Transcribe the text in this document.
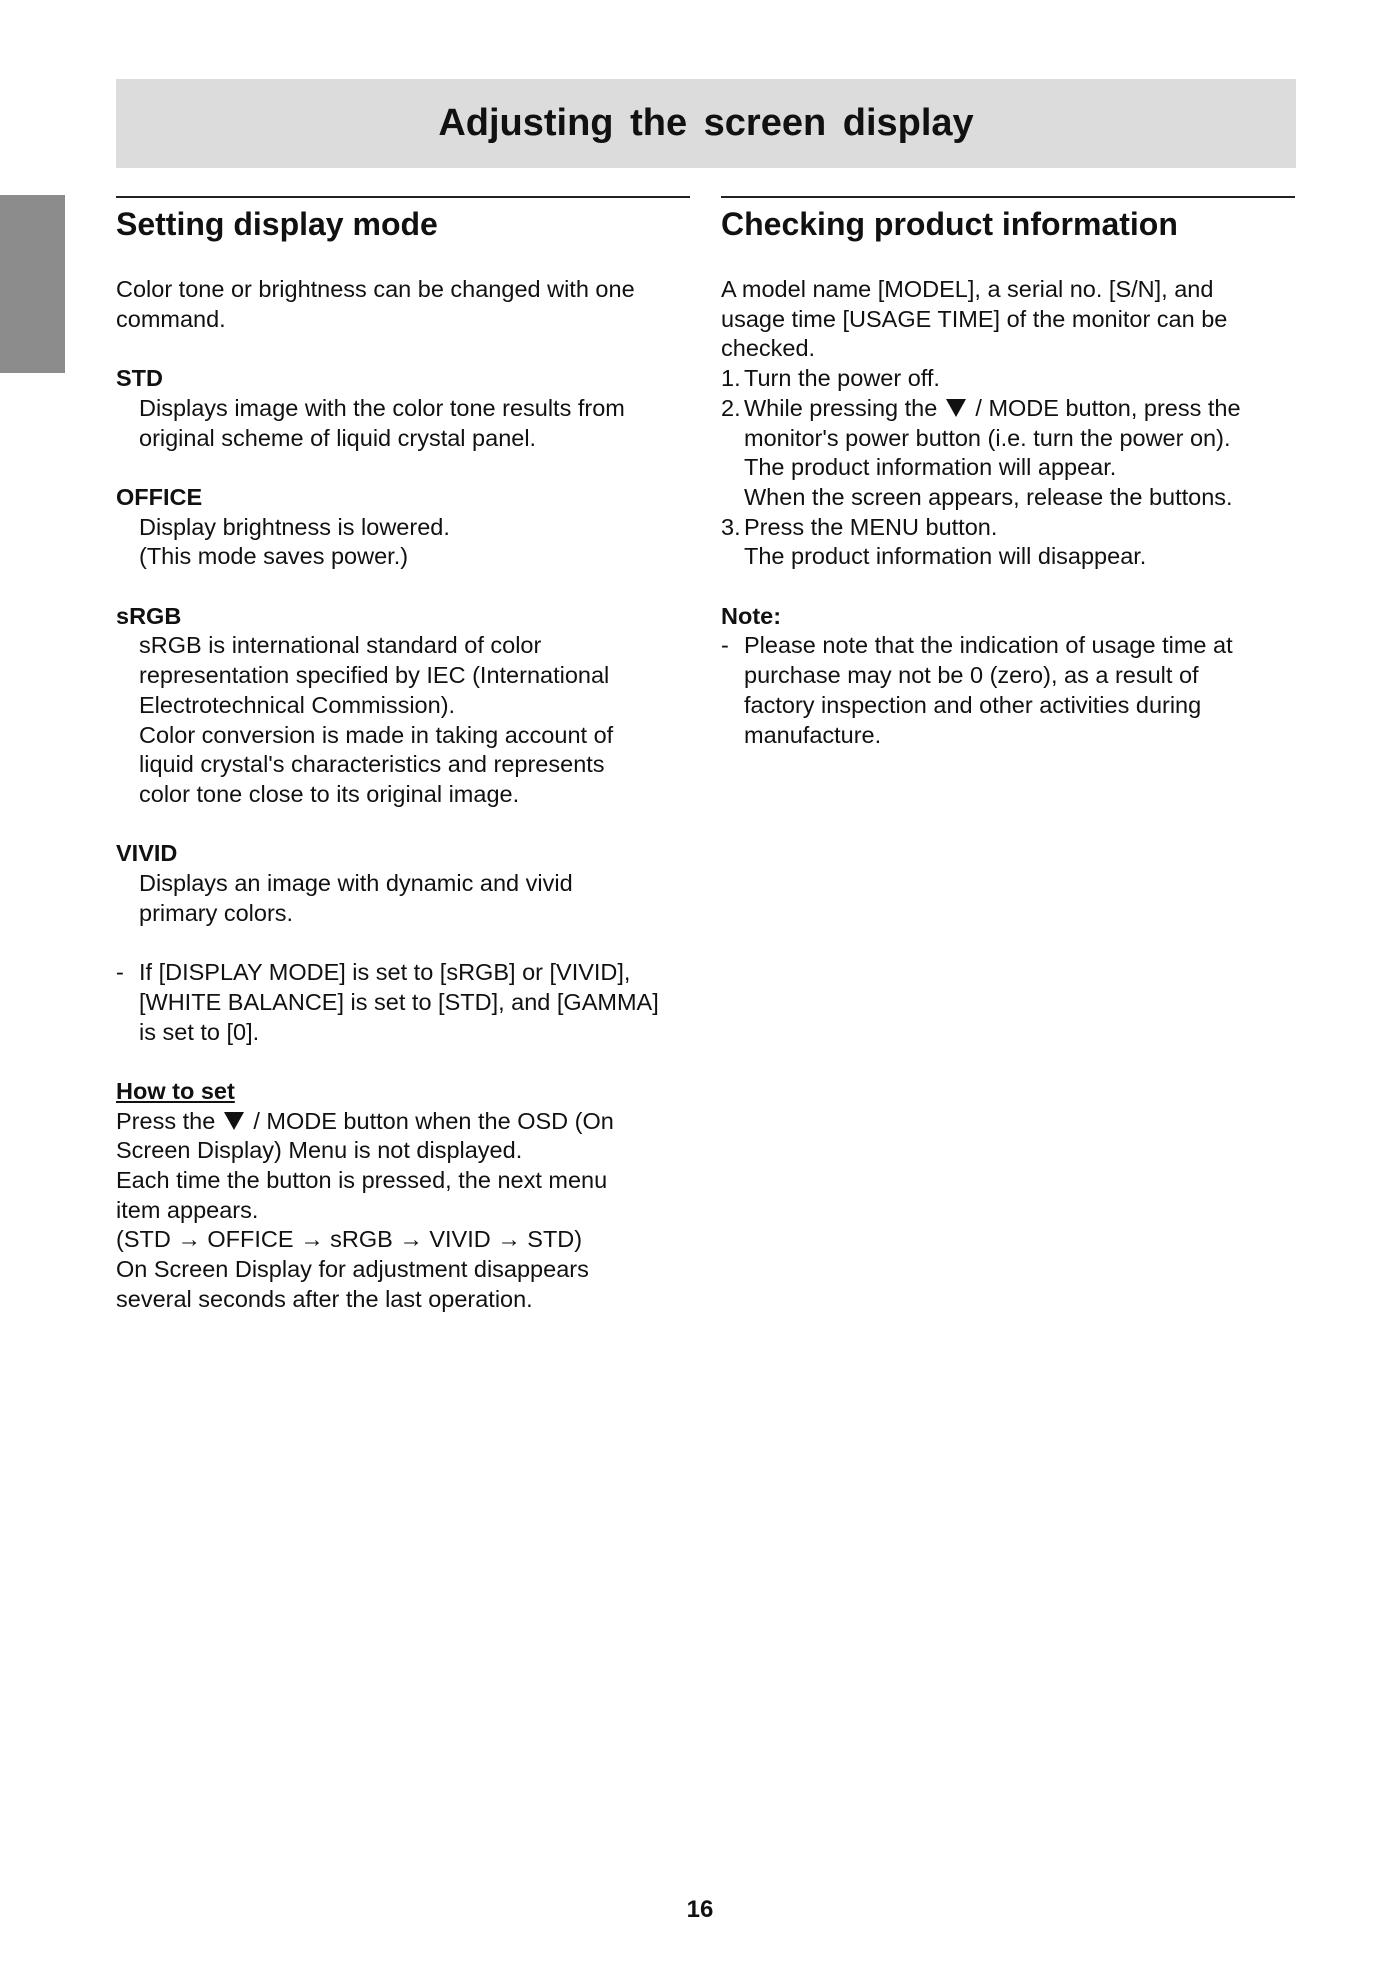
Adjusting the screen display
Setting display mode

Color tone or brightness can be changed with one

command.

STD

Displays image with the color tone results from

original scheme of liquid crystal panel.

OFFICE

Display brightness is lowered.

(This mode saves power.)

sRGB

sRGB is international standard of color

representation specified by IEC (International

Electrotechnical Commission).

Color conversion is made in taking account of

liquid crystal's characteristics and represents

color tone close to its original image.

VIVID

Displays an image with dynamic and vivid

primary colors.

- If [DISPLAY MODE] is set to [sRGB] or [VIVID],

[WHITE BALANCE] is set to [STD], and [GAMMA]

is set to [0].

How to set

Press the / MODE button when the OSD (On

Screen Display) Menu is not displayed.

Each time the button is pressed, the next menu

item appears.

(STD → OFFICE → sRGB → VIVID → STD)

On Screen Display for adjustment disappears

several seconds after the last operation.

Checking product information

A model name [MODEL], a serial no. [S/N], and

usage time [USAGE TIME] of the monitor can be

checked.

1. Turn the power off.

2. While pressing the / MODE button, press the

monitor's power button (i.e. turn the power on).

The product information will appear.

When the screen appears, release the buttons.

3. Press the MENU button.

The product information will disappear.

Note:

- Please note that the indication of usage time at

purchase may not be 0 (zero), as a result of

factory inspection and other activities during

manufacture.

16
